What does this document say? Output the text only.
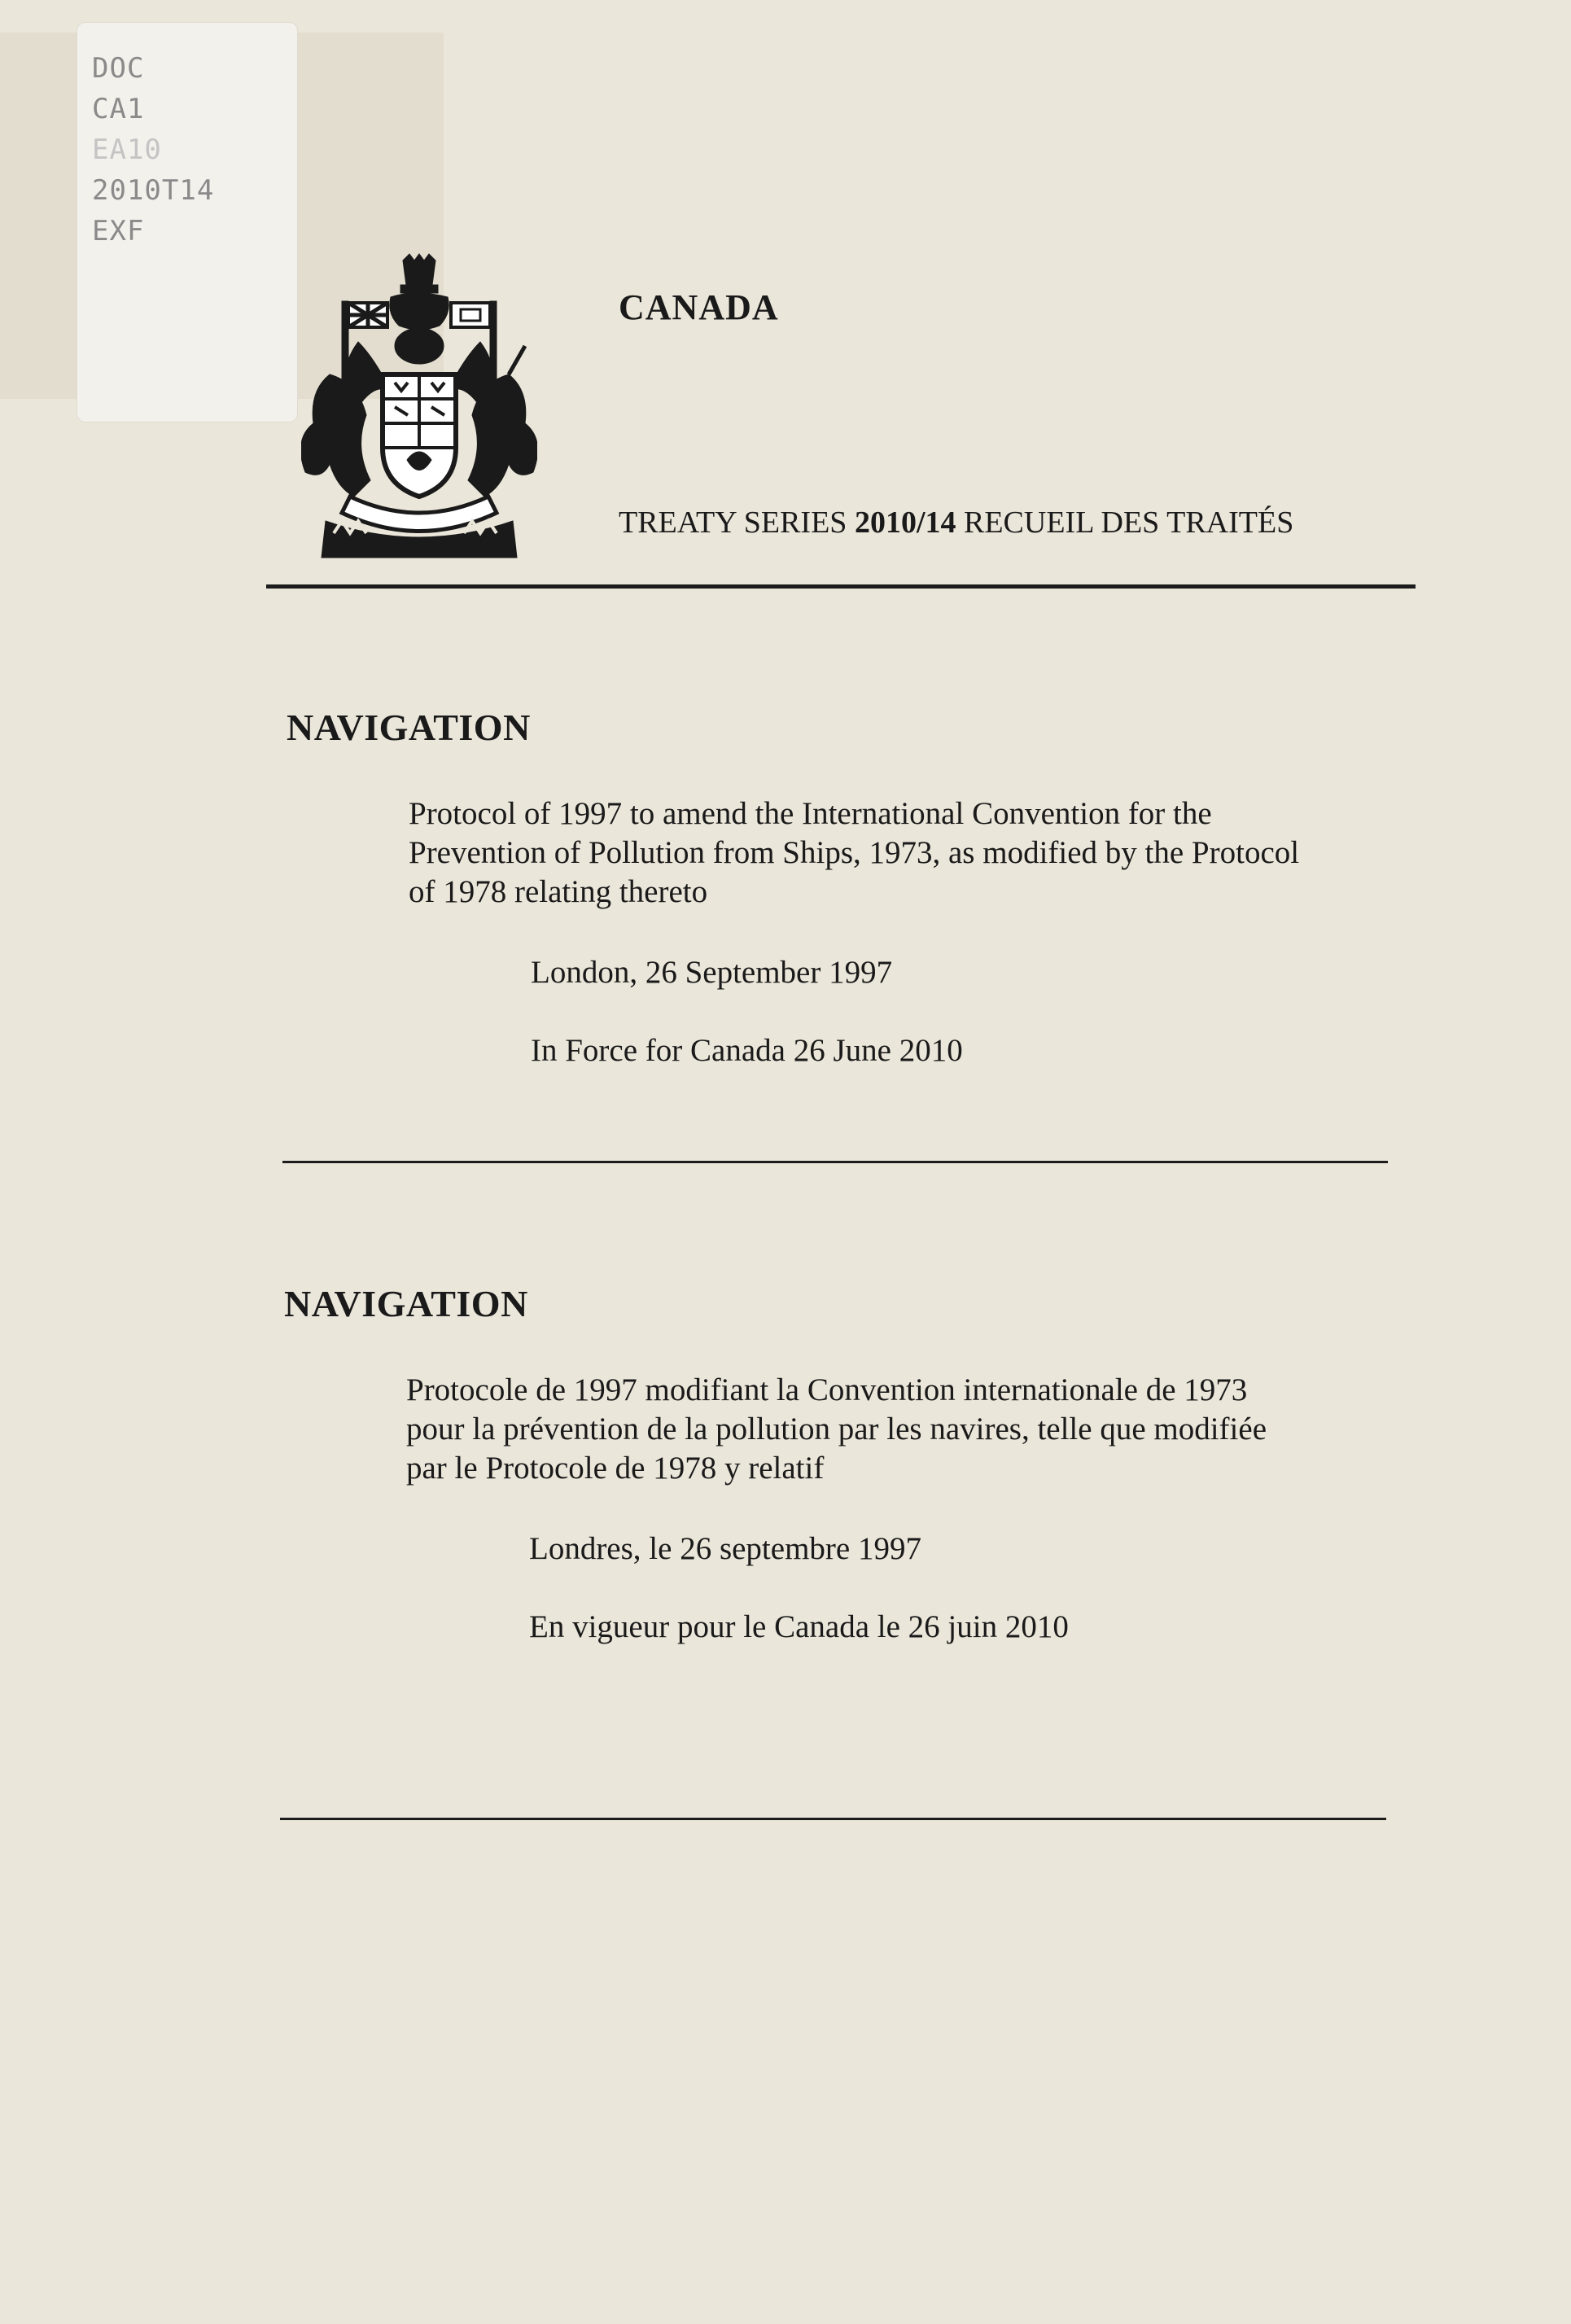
DOC
CA1
EA10
2010T14
EXF
CANADA
TREATY SERIES 2010/14 RECUEIL DES TRAITÉS
NAVIGATION
Protocol of 1997 to amend the International Convention for the
Prevention of Pollution from Ships, 1973, as modified by the Protocol
of 1978 relating thereto
London, 26 September 1997
In Force for Canada 26 June 2010
NAVIGATION
Protocole de 1997 modifiant la Convention internationale de 1973
pour la prévention de la pollution par les navires, telle que modifiée
par le Protocole de 1978 y relatif
Londres, le 26 septembre 1997
En vigueur pour le Canada le 26 juin 2010
